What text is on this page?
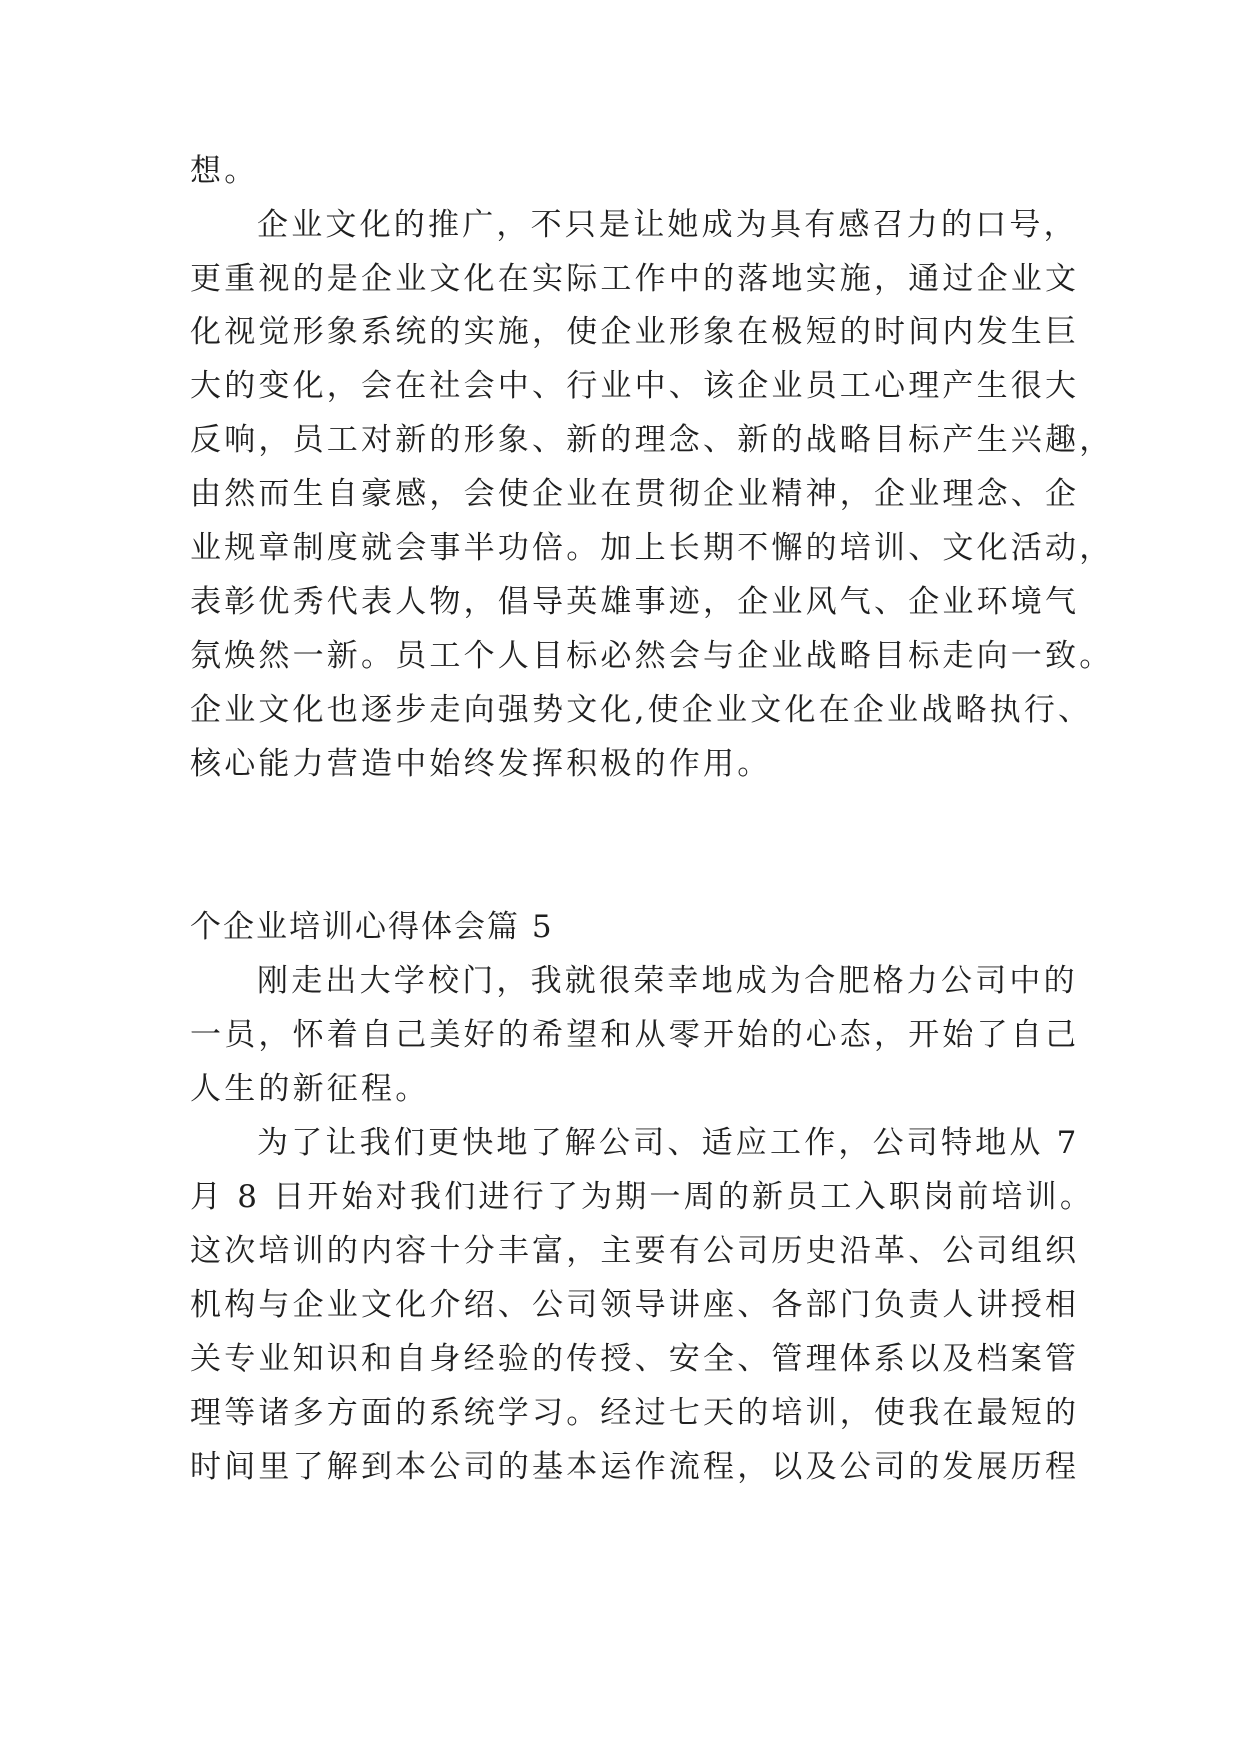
想。
企业文化的推广，不只是让她成为具有感召力的口号，
更重视的是企业文化在实际工作中的落地实施，通过企业文
化视觉形象系统的实施，使企业形象在极短的时间内发生巨
大的变化，会在社会中、行业中、该企业员工心理产生很大
反响，员工对新的形象、新的理念、新的战略目标产生兴趣，
由然而生自豪感，会使企业在贯彻企业精神，企业理念、企
业规章制度就会事半功倍。加上长期不懈的培训、文化活动，
表彰优秀代表人物，倡导英雄事迹，企业风气、企业环境气
氛焕然一新。员工个人目标必然会与企业战略目标走向一致。
企业文化也逐步走向强势文化,使企业文化在企业战略执行、
核心能力营造中始终发挥积极的作用。
个企业培训心得体会篇 5
刚走出大学校门，我就很荣幸地成为合肥格力公司中的
一员，怀着自己美好的希望和从零开始的心态，开始了自己
人生的新征程。
为了让我们更快地了解公司、适应工作，公司特地从 7
月 8 日开始对我们进行了为期一周的新员工入职岗前培训。
这次培训的内容十分丰富，主要有公司历史沿革、公司组织
机构与企业文化介绍、公司领导讲座、各部门负责人讲授相
关专业知识和自身经验的传授、安全、管理体系以及档案管
理等诸多方面的系统学习。经过七天的培训，使我在最短的
时间里了解到本公司的基本运作流程，以及公司的发展历程
